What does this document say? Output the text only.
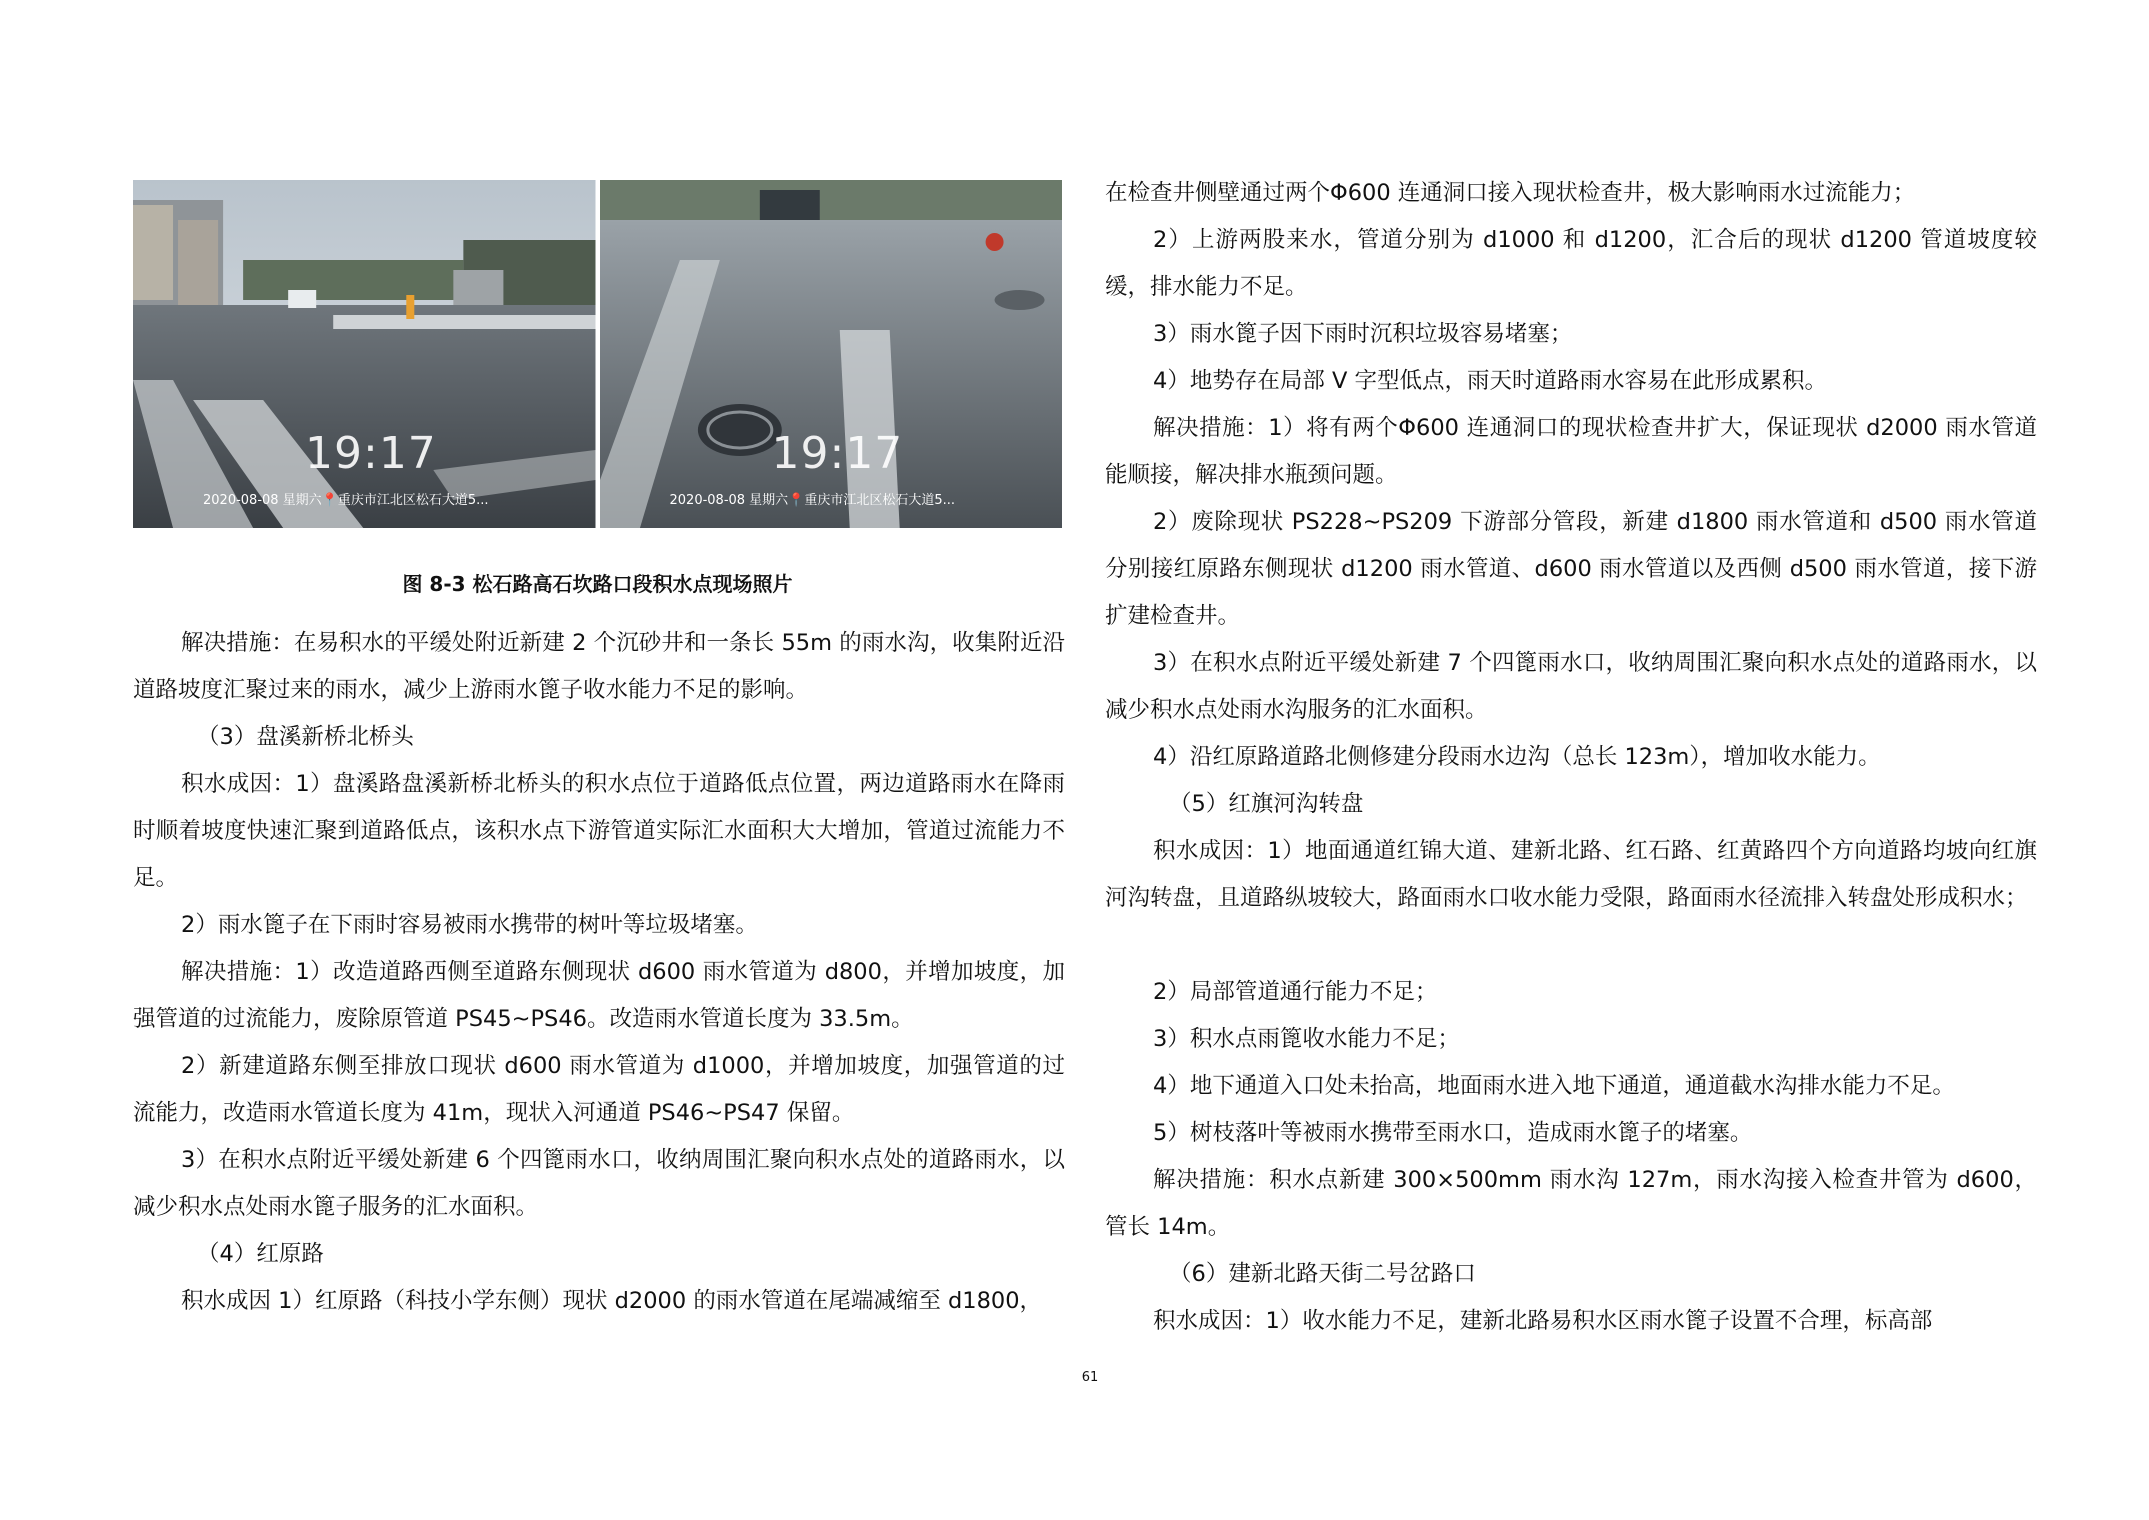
19:17
2020-08-08 星期六📍重庆市江北区松石大道5...
19:17
2020-08-08 星期六📍重庆市江北区松石大道5...
图 8-3 松石路高石坎路口段积水点现场照片

解决措施：在易积水的平缓处附近新建 2 个沉砂井和一条长 55m 的雨水沟，收集附近沿道路坡度汇聚过来的雨水，减少上游雨水篦子收水能力不足的影响。

（3）盘溪新桥北桥头

积水成因：1）盘溪路盘溪新桥北桥头的积水点位于道路低点位置，两边道路雨水在降雨时顺着坡度快速汇聚到道路低点，该积水点下游管道实际汇水面积大大增加，管道过流能力不足。

2）雨水篦子在下雨时容易被雨水携带的树叶等垃圾堵塞。

解决措施：1）改造道路西侧至道路东侧现状 d600 雨水管道为 d800，并增加坡度，加强管道的过流能力，废除原管道 PS45~PS46。改造雨水管道长度为 33.5m。

2）新建道路东侧至排放口现状 d600 雨水管道为 d1000，并增加坡度，加强管道的过流能力，改造雨水管道长度为 41m，现状入河通道 PS46~PS47 保留。

3）在积水点附近平缓处新建 6 个四篦雨水口，收纳周围汇聚向积水点处的道路雨水，以减少积水点处雨水篦子服务的汇水面积。

（4）红原路

积水成因 1）红原路（科技小学东侧）现状 d2000 的雨水管道在尾端减缩至 d1800，

在检查井侧壁通过两个Φ600 连通洞口接入现状检查井，极大影响雨水过流能力；

2）上游两股来水，管道分别为 d1000 和 d1200，汇合后的现状 d1200 管道坡度较缓，排水能力不足。

3）雨水篦子因下雨时沉积垃圾容易堵塞；

4）地势存在局部 V 字型低点，雨天时道路雨水容易在此形成累积。

解决措施：1）将有两个Φ600 连通洞口的现状检查井扩大，保证现状 d2000 雨水管道能顺接，解决排水瓶颈问题。

2）废除现状 PS228~PS209 下游部分管段，新建 d1800 雨水管道和 d500 雨水管道分别接红原路东侧现状 d1200 雨水管道、d600 雨水管道以及西侧 d500 雨水管道，接下游扩建检查井。

3）在积水点附近平缓处新建 7 个四篦雨水口，收纳周围汇聚向积水点处的道路雨水，以减少积水点处雨水沟服务的汇水面积。

4）沿红原路道路北侧修建分段雨水边沟（总长 123m），增加收水能力。

（5）红旗河沟转盘

积水成因：1）地面通道红锦大道、建新北路、红石路、红黄路四个方向道路均坡向红旗河沟转盘，且道路纵坡较大，路面雨水口收水能力受限，路面雨水径流排入转盘处形成积水；

2）局部管道通行能力不足；

3）积水点雨篦收水能力不足；

4）地下通道入口处未抬高，地面雨水进入地下通道，通道截水沟排水能力不足。

5）树枝落叶等被雨水携带至雨水口，造成雨水篦子的堵塞。

解决措施：积水点新建 300×500mm 雨水沟 127m，雨水沟接入检查井管为 d600，管长 14m。

（6）建新北路天街二号岔路口

积水成因：1）收水能力不足，建新北路易积水区雨水篦子设置不合理，标高部

61
